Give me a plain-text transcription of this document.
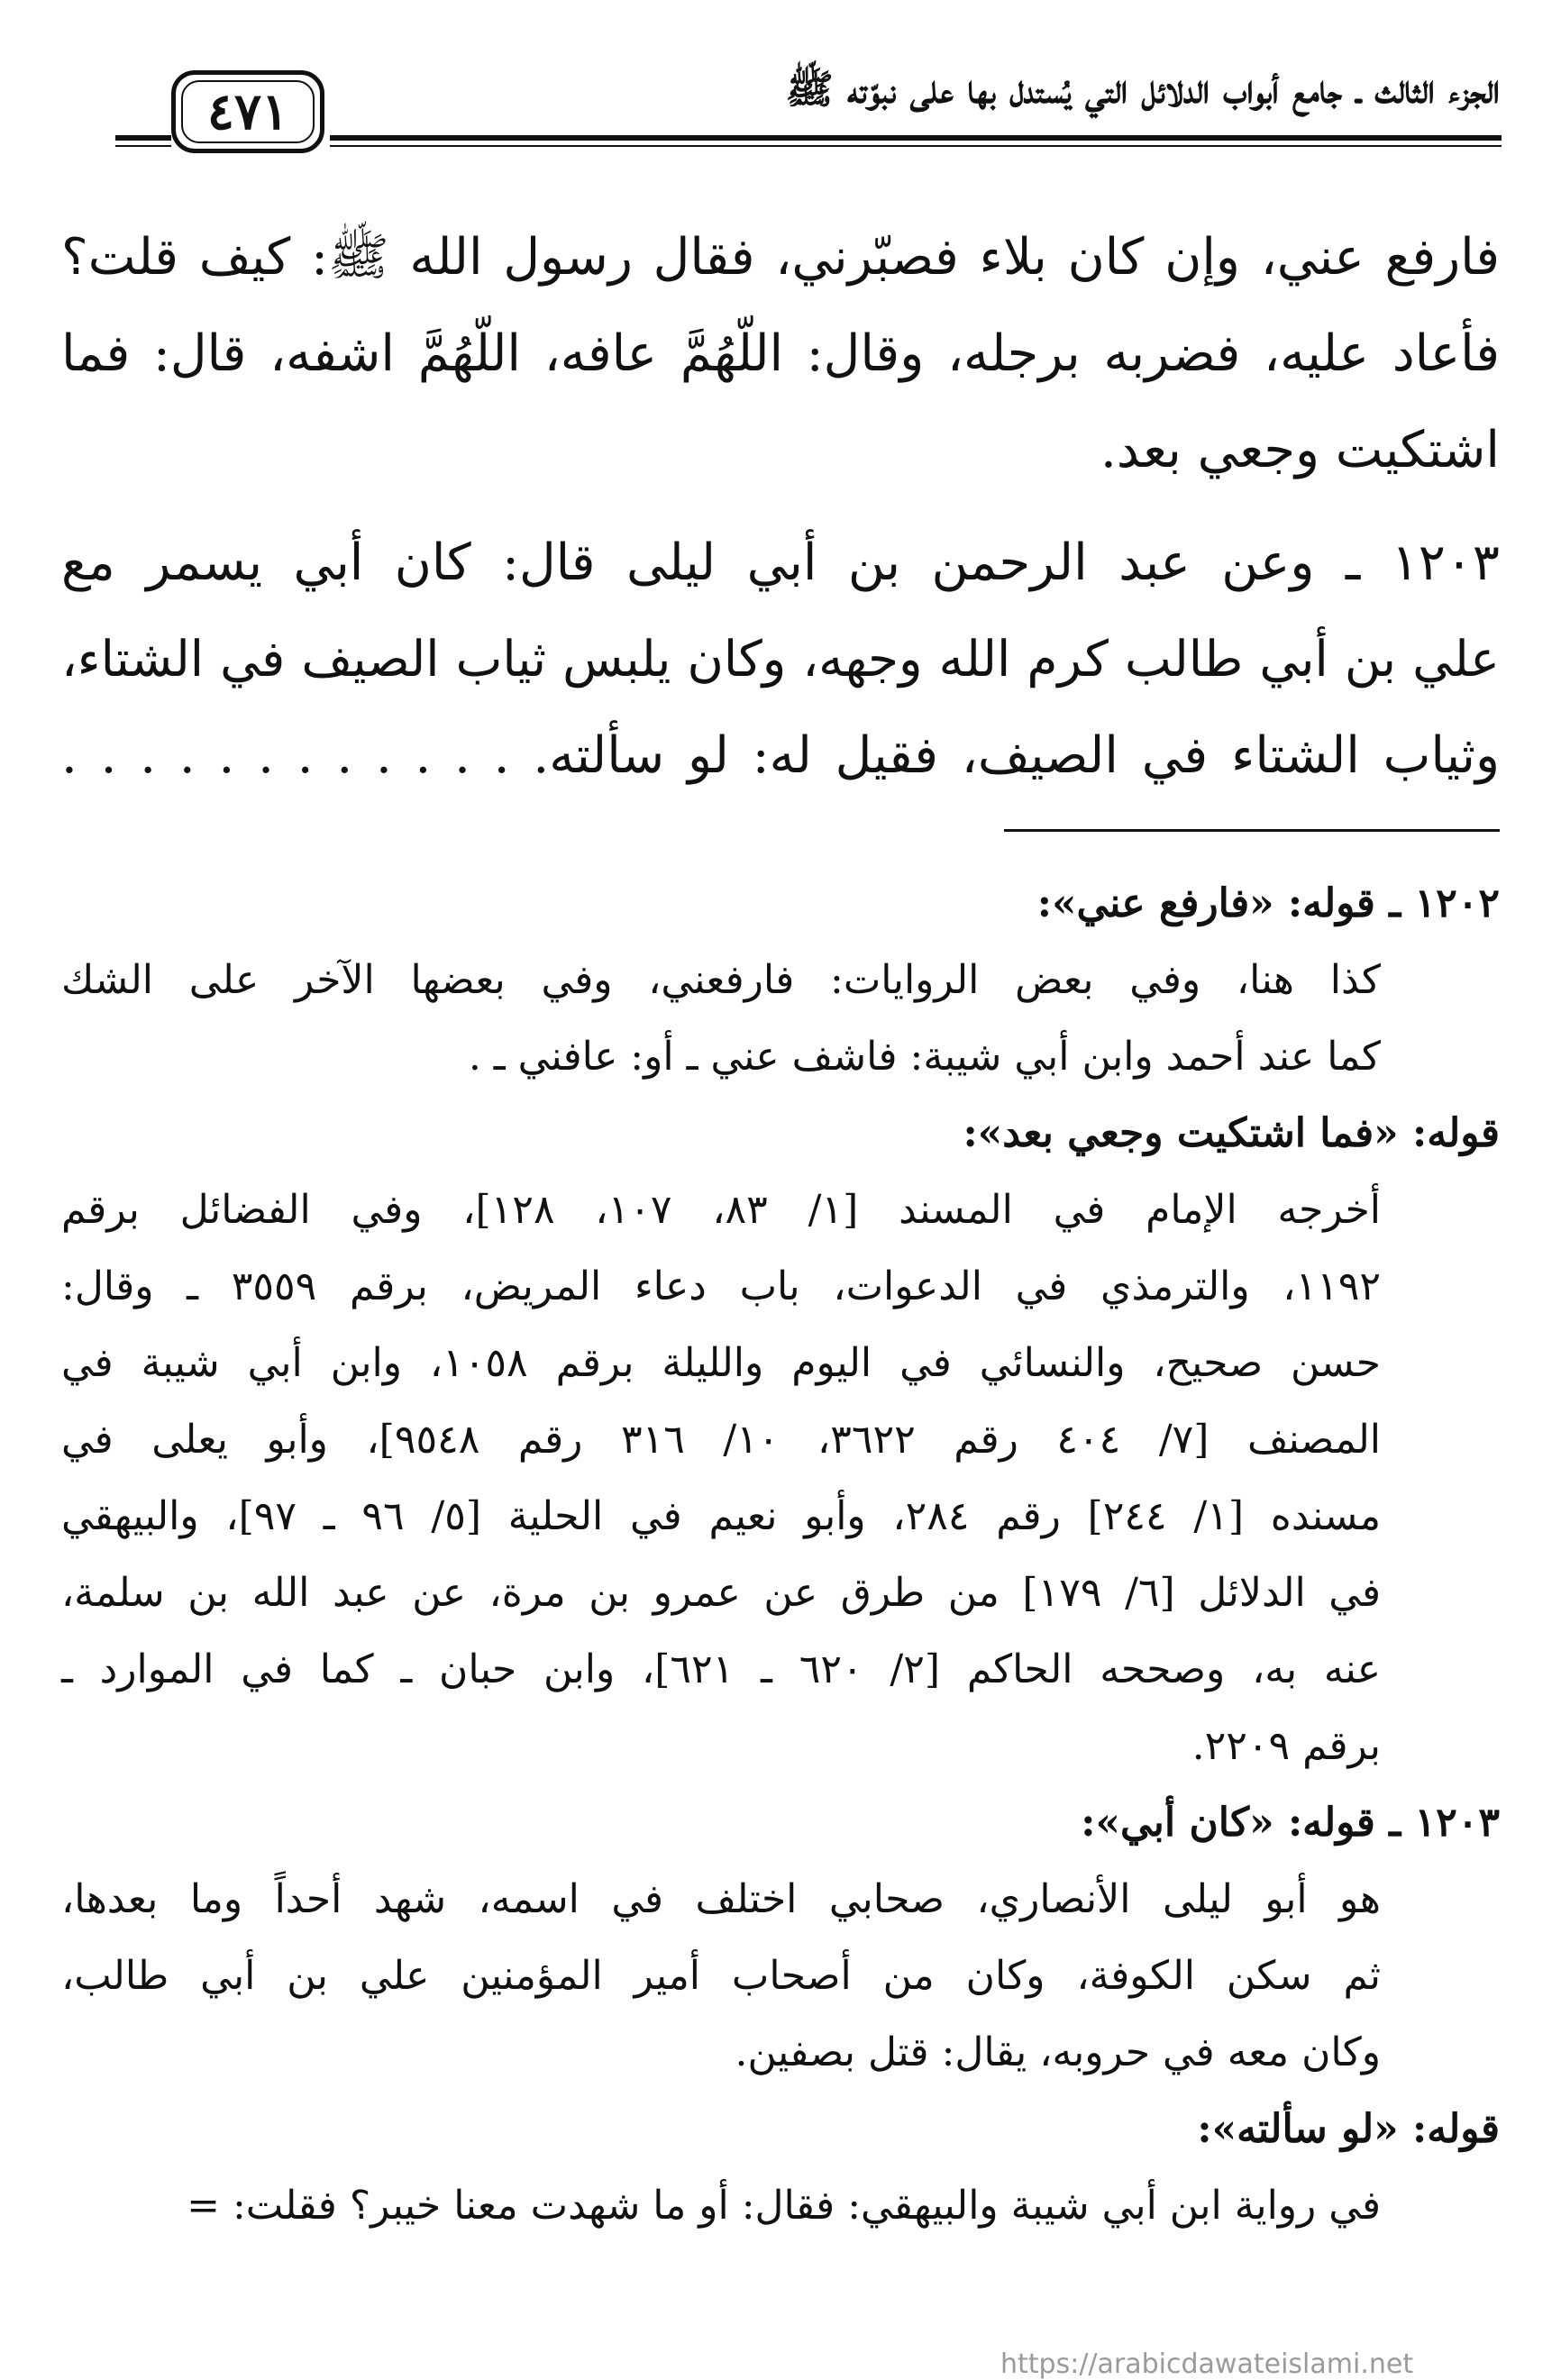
الجزء الثالث ـ جامع أبواب الدلائل التي يُستدل بها على نبوّته ﷺ
٤٧١

فارفع عني، وإن كان بلاء فصبّرني، فقال رسول الله ﷺ: كيف قلت؟
فأعاد عليه، فضربه برجله، وقال: اللّهُمَّ عافه، اللّهُمَّ اشفه، قال: فما
اشتكيت وجعي بعد.

١٢٠٣ ـ وعن عبد الرحمن بن أبي ليلى قال: كان أبي يسمر مع
علي بن أبي طالب كرم الله وجهه، وكان يلبس ثياب الصيف في الشتاء،
وثياب الشتاء في الصيف، فقيل له: لو سألته. . . . . . . . . . . . .

١٢٠٢ ـ قوله: «فارفع عني»:
كذا هنا، وفي بعض الروايات: فارفعني، وفي بعضها الآخر على الشك
كما عند أحمد وابن أبي شيبة: فاشف عني ـ أو: عافني ـ .
قوله: «فما اشتكيت وجعي بعد»:
أخرجه الإمام في المسند [١/ ٨٣، ١٠٧، ١٢٨]، وفي الفضائل برقم
١١٩٢، والترمذي في الدعوات، باب دعاء المريض، برقم ٣٥٥٩ ـ وقال:
حسن صحيح، والنسائي في اليوم والليلة برقم ١٠٥٨، وابن أبي شيبة في
المصنف [٧/ ٤٠٤ رقم ٣٦٢٢، ١٠/ ٣١٦ رقم ٩٥٤٨]، وأبو يعلى في
مسنده [١/ ٢٤٤] رقم ٢٨٤، وأبو نعيم في الحلية [٥/ ٩٦ ـ ٩٧]، والبيهقي
في الدلائل [٦/ ١٧٩] من طرق عن عمرو بن مرة، عن عبد الله بن سلمة،
عنه به، وصححه الحاكم [٢/ ٦٢٠ ـ ٦٢١]، وابن حبان ـ كما في الموارد ـ
برقم ٢٢٠٩.
١٢٠٣ ـ قوله: «كان أبي»:
هو أبو ليلى الأنصاري، صحابي اختلف في اسمه، شهد أحداً وما بعدها،
ثم سكن الكوفة، وكان من أصحاب أمير المؤمنين علي بن أبي طالب،
وكان معه في حروبه، يقال: قتل بصفين.
قوله: «لو سألته»:
في رواية ابن أبي شيبة والبيهقي: فقال: أو ما شهدت معنا خيبر؟ فقلت: =
https://arabicdawateislami.net
